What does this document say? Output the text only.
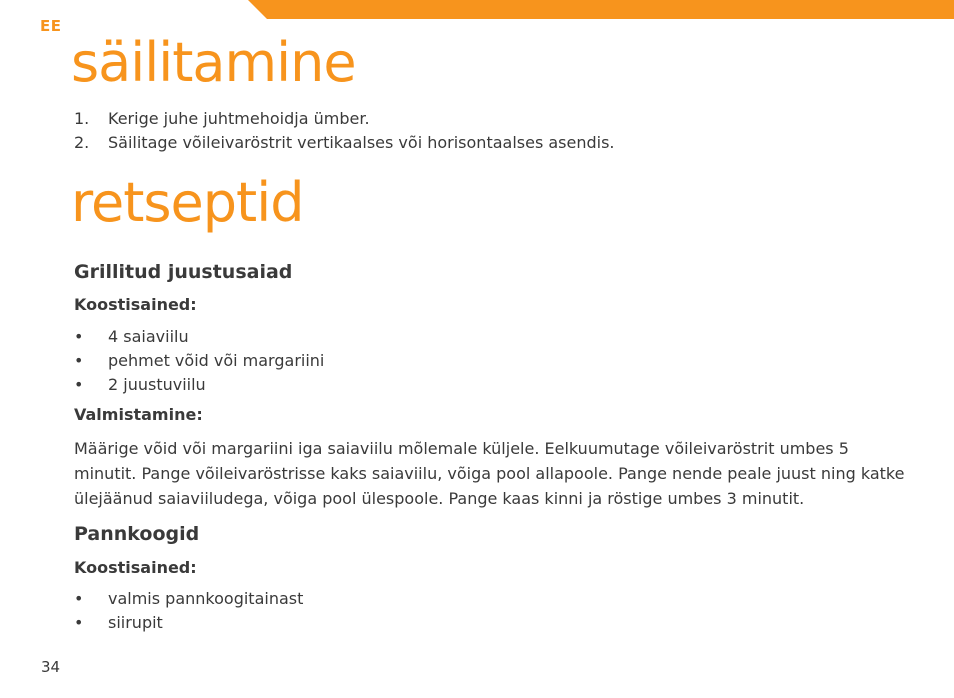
EE
säilitamine
1. Kerige juhe juhtmehoidja ümber.
2. Säilitage võileivaröstrit vertikaalses või horisontaalses asendis.
retseptid
Grillitud juustusaiad
Koostisained:
• 4 saiaviilu
• pehmet võid või margariini
• 2 juustuviilu
Valmistamine:

Määrige võid või margariini iga saiaviilu mõlemale küljele. Eelkuumutage võileivaröstrit umbes 5 minutit. Pange võileivaröstrisse kaks saiaviilu, võiga pool allapoole. Pange nende peale juust ning katke ülejäänud saiaviiludega, võiga pool ülespoole. Pange kaas kinni ja röstige umbes 3 minutit.

Pannkoogid
Koostisained:
• valmis pannkoogitainast
• siirupit
34
